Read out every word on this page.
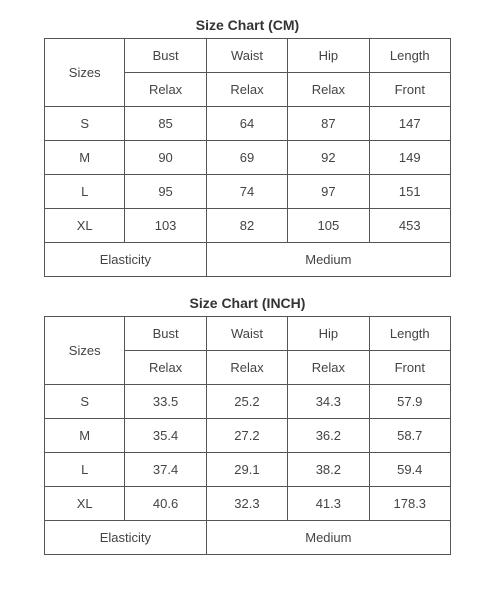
Size Chart (CM)
Sizes	Bust	Waist	Hip	Length
	Relax	Relax	Relax	Front
S	85	64	87	147
M	90	69	92	149
L	95	74	97	151
XL	103	82	105	453
Elasticity		Medium		
Size Chart (INCH)
Sizes	Bust	Waist	Hip	Length
	Relax	Relax	Relax	Front
S	33.5	25.2	34.3	57.9
M	35.4	27.2	36.2	58.7
L	37.4	29.1	38.2	59.4
XL	40.6	32.3	41.3	178.3
Elasticity		Medium		
